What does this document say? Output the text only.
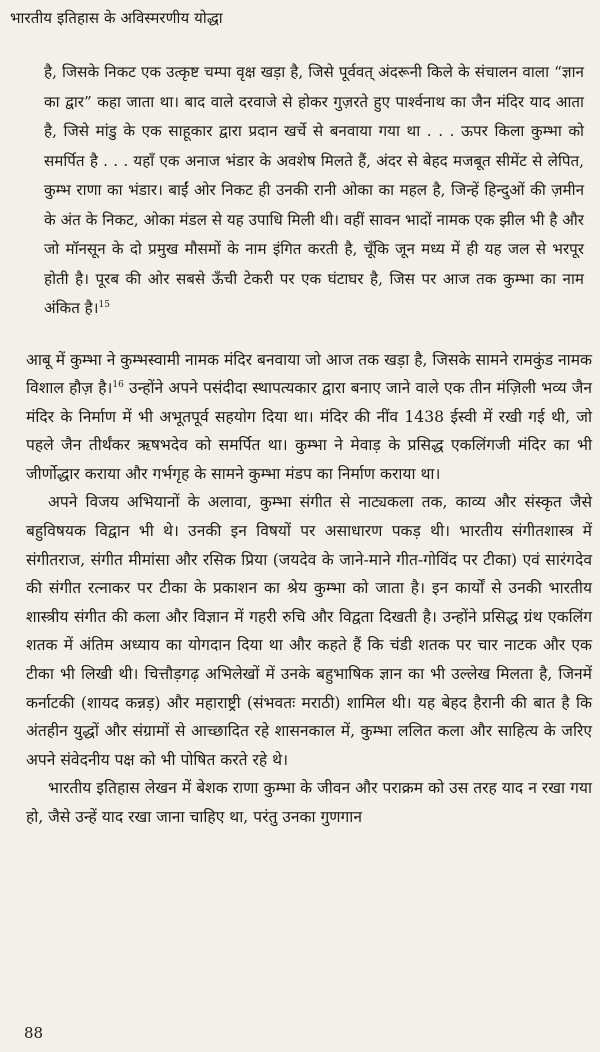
भारतीय इतिहास के अविस्मरणीय योद्धा

है, जिसके निकट एक उत्कृष्ट चम्पा वृक्ष खड़ा है, जिसे पूर्ववत् अंदरूनी किले के संचालन वाला “ज्ञान का द्वार” कहा जाता था। बाद वाले दरवाजे से होकर गुज़रते हुए पार्श्वनाथ का जैन मंदिर याद आता है, जिसे मांडु के एक साहूकार द्वारा प्रदान खर्चे से बनवाया गया था . . . ऊपर किला कुम्भा को समर्पित है . . . यहाँ एक अनाज भंडार के अवशेष मिलते हैं, अंदर से बेहद मजबूत सीमेंट से लेपित, कुम्भ राणा का भंडार। बाईं ओर निकट ही उनकी रानी ओका का महल है, जिन्हें हिन्दुओं की ज़मीन के अंत के निकट, ओका मंडल से यह उपाधि मिली थी। वहीं सावन भादों नामक एक झील भी है और जो मॉनसून के दो प्रमुख मौसमों के नाम इंगित करती है, चूँकि जून मध्य में ही यह जल से भरपूर होती है। पूरब की ओर सबसे ऊँची टेकरी पर एक घंटाघर है, जिस पर आज तक कुम्भा का नाम अंकित है।$^{15}$

आबू में कुम्भा ने कुम्भस्वामी नामक मंदिर बनवाया जो आज तक खड़ा है, जिसके सामने रामकुंड नामक विशाल हौज़ है।$^{16}$ उन्होंने अपने पसंदीदा स्थापत्यकार द्वारा बनाए जाने वाले एक तीन मंज़िली भव्य जैन मंदिर के निर्माण में भी अभूतपूर्व सहयोग दिया था। मंदिर की नींव 1438 ईस्वी में रखी गई थी, जो पहले जैन तीर्थंकर ऋषभदेव को समर्पित था। कुम्भा ने मेवाड़ के प्रसिद्ध एकलिंगजी मंदिर का भी जीर्णोद्धार कराया और गर्भगृह के सामने कुम्भा मंडप का निर्माण कराया था।

अपने विजय अभियानों के अलावा, कुम्भा संगीत से नाट्यकला तक, काव्य और संस्कृत जैसे बहुविषयक विद्वान भी थे। उनकी इन विषयों पर असाधारण पकड़ थी। भारतीय संगीतशास्त्र में संगीतराज, संगीत मीमांसा और रसिक प्रिया (जयदेव के जाने-माने गीत-गोविंद पर टीका) एवं सारंगदेव की संगीत रत्नाकर पर टीका के प्रकाशन का श्रेय कुम्भा को जाता है। इन कार्यों से उनकी भारतीय शास्त्रीय संगीत की कला और विज्ञान में गहरी रुचि और विद्वता दिखती है। उन्होंने प्रसिद्ध ग्रंथ एकलिंग शतक में अंतिम अध्याय का योगदान दिया था और कहते हैं कि चंडी शतक पर चार नाटक और एक टीका भी लिखी थी। चित्तौड़गढ़ अभिलेखों में उनके बहुभाषिक ज्ञान का भी उल्लेख मिलता है, जिनमें कर्नाटकी (शायद कन्नड़) और महाराष्ट्री (संभवतः मराठी) शामिल थी। यह बेहद हैरानी की बात है कि अंतहीन युद्धों और संग्रामों से आच्छादित रहे शासनकाल में, कुम्भा ललित कला और साहित्य के जरिए अपने संवेदनीय पक्ष को भी पोषित करते रहे थे।

भारतीय इतिहास लेखन में बेशक राणा कुम्भा के जीवन और पराक्रम को उस तरह याद न रखा गया हो, जैसे उन्हें याद रखा जाना चाहिए था, परंतु उनका गुणगान

88
